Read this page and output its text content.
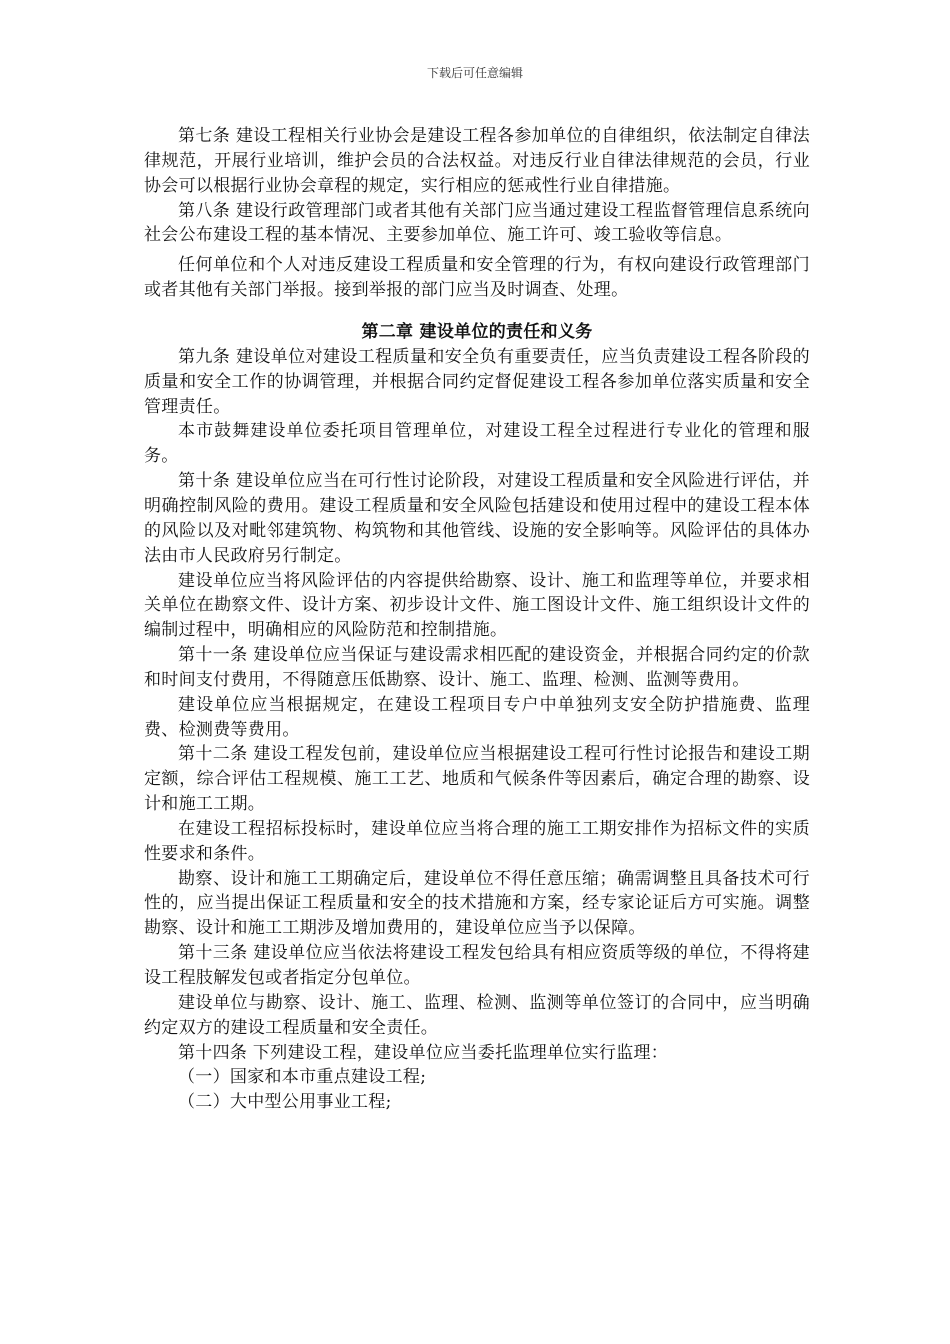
下载后可任意编辑

第七条 建设工程相关行业协会是建设工程各参加单位的自律组织，依法制定自律法律规范，开展行业培训，维护会员的合法权益。对违反行业自律法律规范的会员，行业协会可以根据行业协会章程的规定，实行相应的惩戒性行业自律措施。

第八条 建设行政管理部门或者其他有关部门应当通过建设工程监督管理信息系统向社会公布建设工程的基本情况、主要参加单位、施工许可、竣工验收等信息。

任何单位和个人对违反建设工程质量和安全管理的行为，有权向建设行政管理部门或者其他有关部门举报。接到举报的部门应当及时调查、处理。

第二章 建设单位的责任和义务

第九条 建设单位对建设工程质量和安全负有重要责任，应当负责建设工程各阶段的质量和安全工作的协调管理，并根据合同约定督促建设工程各参加单位落实质量和安全管理责任。

本市鼓舞建设单位委托项目管理单位，对建设工程全过程进行专业化的管理和服务。

第十条 建设单位应当在可行性讨论阶段，对建设工程质量和安全风险进行评估，并明确控制风险的费用。建设工程质量和安全风险包括建设和使用过程中的建设工程本体的风险以及对毗邻建筑物、构筑物和其他管线、设施的安全影响等。风险评估的具体办法由市人民政府另行制定。

建设单位应当将风险评估的内容提供给勘察、设计、施工和监理等单位，并要求相关单位在勘察文件、设计方案、初步设计文件、施工图设计文件、施工组织设计文件的编制过程中，明确相应的风险防范和控制措施。

第十一条 建设单位应当保证与建设需求相匹配的建设资金，并根据合同约定的价款和时间支付费用，不得随意压低勘察、设计、施工、监理、检测、监测等费用。

建设单位应当根据规定，在建设工程项目专户中单独列支安全防护措施费、监理费、检测费等费用。

第十二条 建设工程发包前，建设单位应当根据建设工程可行性讨论报告和建设工期定额，综合评估工程规模、施工工艺、地质和气候条件等因素后，确定合理的勘察、设计和施工工期。

在建设工程招标投标时，建设单位应当将合理的施工工期安排作为招标文件的实质性要求和条件。

勘察、设计和施工工期确定后，建设单位不得任意压缩；确需调整且具备技术可行性的，应当提出保证工程质量和安全的技术措施和方案，经专家论证后方可实施。调整勘察、设计和施工工期涉及增加费用的，建设单位应当予以保障。

第十三条 建设单位应当依法将建设工程发包给具有相应资质等级的单位，不得将建设工程肢解发包或者指定分包单位。

建设单位与勘察、设计、施工、监理、检测、监测等单位签订的合同中，应当明确约定双方的建设工程质量和安全责任。

第十四条 下列建设工程，建设单位应当委托监理单位实行监理：

（一）国家和本市重点建设工程;

（二）大中型公用事业工程;
